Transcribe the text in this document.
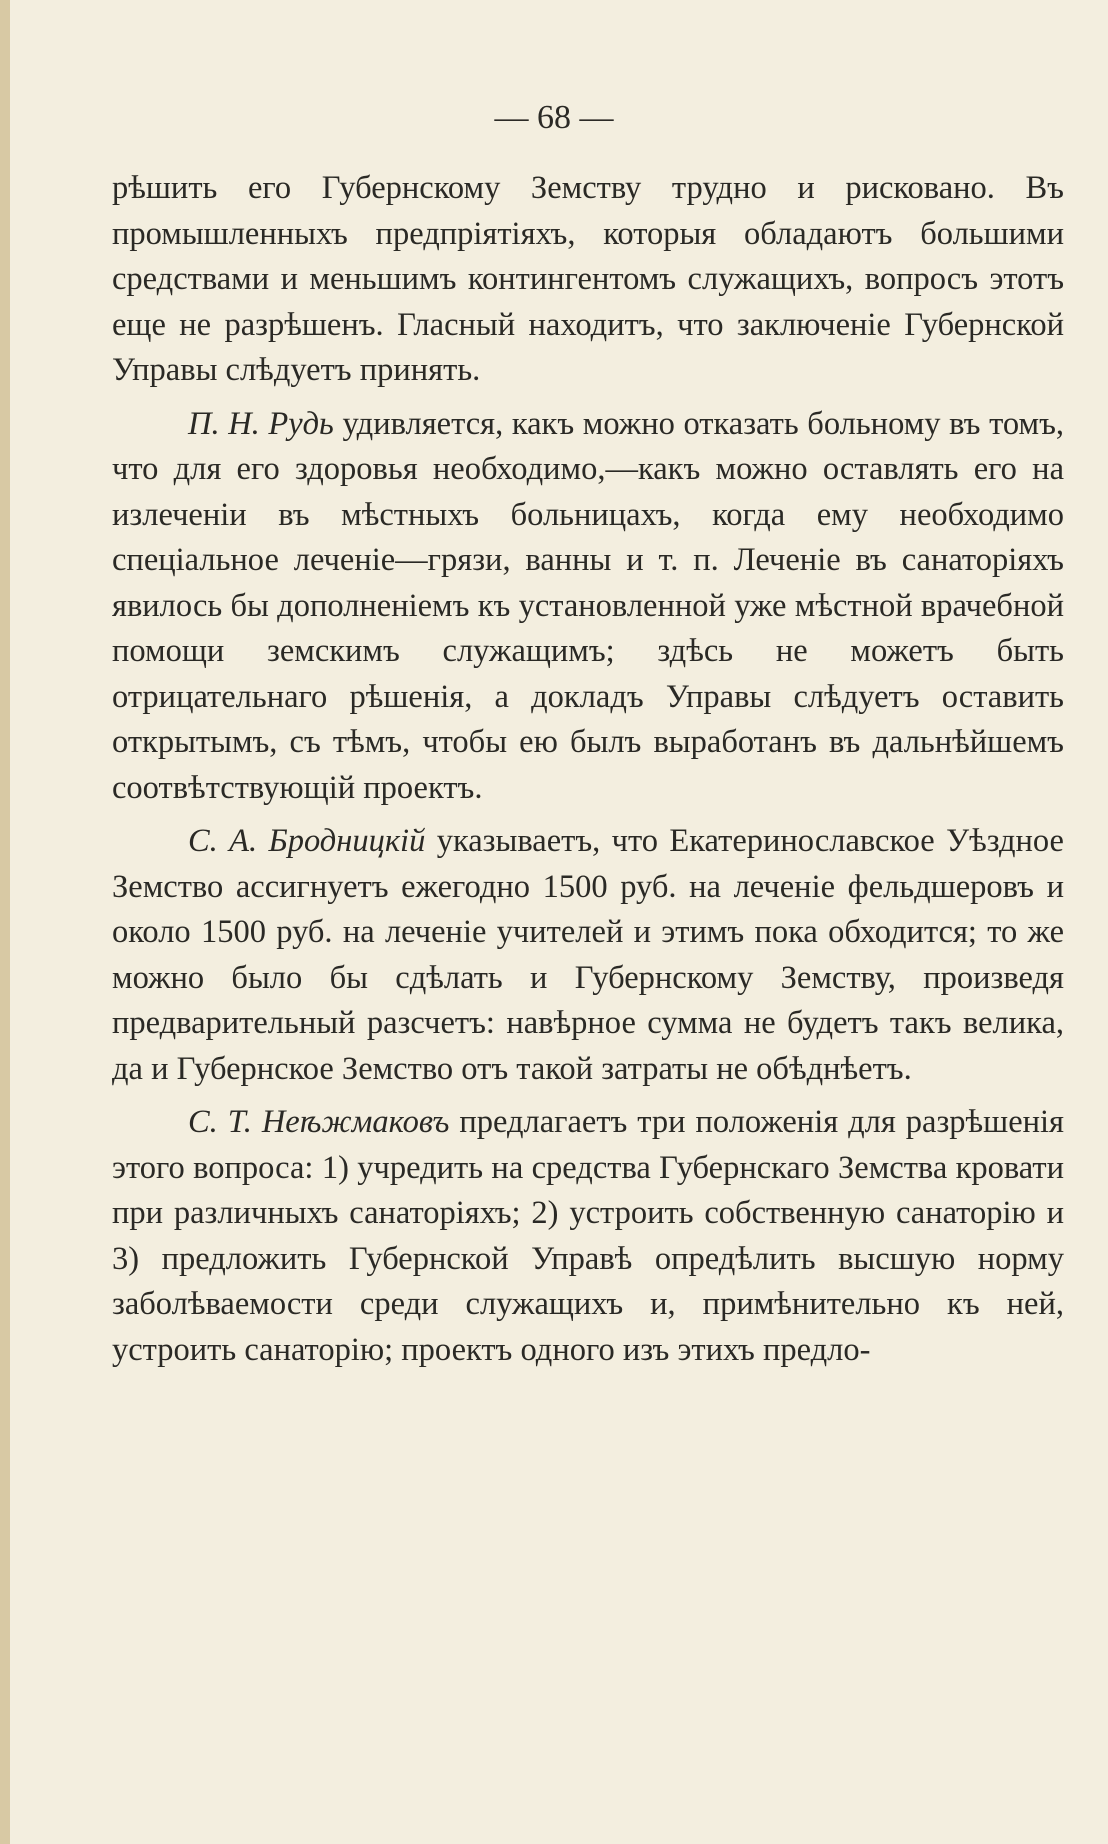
— 68 —

рѣшить его Губернскому Земству трудно и рисковано. Въ промышленныхъ предпріятіяхъ, которыя обладаютъ большими средствами и меньшимъ контингентомъ служащихъ, вопросъ этотъ еще не разрѣшенъ. Гласный находитъ, что заключеніе Губернской Управы слѣдуетъ принять.

П. Н. Рудь удивляется, какъ можно отказать больному въ томъ, что для его здоровья необходимо,—какъ можно оставлять его на излеченіи въ мѣстныхъ больницахъ, когда ему необходимо спеціальное леченіе—грязи, ванны и т. п. Леченіе въ санаторіяхъ явилось бы дополненіемъ къ установленной уже мѣстной врачебной помощи земскимъ служащимъ; здѣсь не можетъ быть отрицательнаго рѣшенія, а докладъ Управы слѣдуетъ оставить открытымъ, съ тѣмъ, чтобы ею былъ выработанъ въ дальнѣйшемъ соотвѣтствующій проектъ.

С. А. Бродницкій указываетъ, что Екатеринославское Уѣздное Земство ассигнуетъ ежегодно 1500 руб. на леченіе фельдшеровъ и около 1500 руб. на леченіе учителей и этимъ пока обходится; то же можно было бы сдѣлать и Губернскому Земству, произведя предварительный разсчетъ: навѣрное сумма не будетъ такъ велика, да и Губернское Земство отъ такой затраты не обѣднѣетъ.

С. Т. Неѣжмаковъ предлагаетъ три положенія для разрѣшенія этого вопроса: 1) учредить на средства Губернскаго Земства кровати при различныхъ санаторіяхъ; 2) устроить собственную санаторію и 3) предложить Губернской Управѣ опредѣлить высшую норму заболѣваемости среди служащихъ и, примѣнительно къ ней, устроить санаторію; проектъ одного изъ этихъ предло-
